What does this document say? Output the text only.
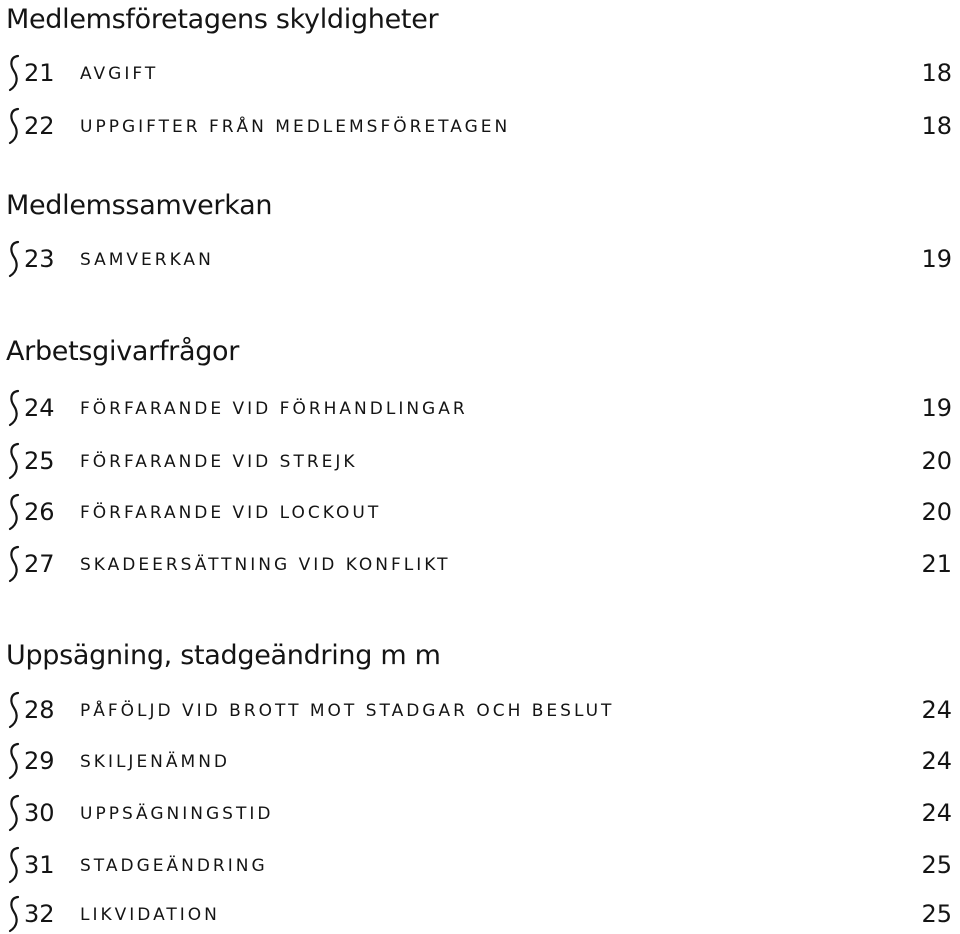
Medlemsföretagens skyldigheter
21 AVGIFT	18
22 UPPGIFTER FRÅN MEDLEMSFÖRETAGEN	18
Medlemssamverkan
23 SAMVERKAN	19
Arbetsgivarfrågor
24 FÖRFARANDE VID FÖRHANDLINGAR	19
25 FÖRFARANDE VID STREJK	20
26 FÖRFARANDE VID LOCKOUT	20
27 SKADEERSÄTTNING VID KONFLIKT	21
Uppsägning, stadgeändring m m
28 PÅFÖLJD VID BROTT MOT STADGAR OCH BESLUT	24
29 SKILJENÄMND	24
30 UPPSÄGNINGSTID	24
31 STADGEÄNDRING	25
32 LIKVIDATION	25
